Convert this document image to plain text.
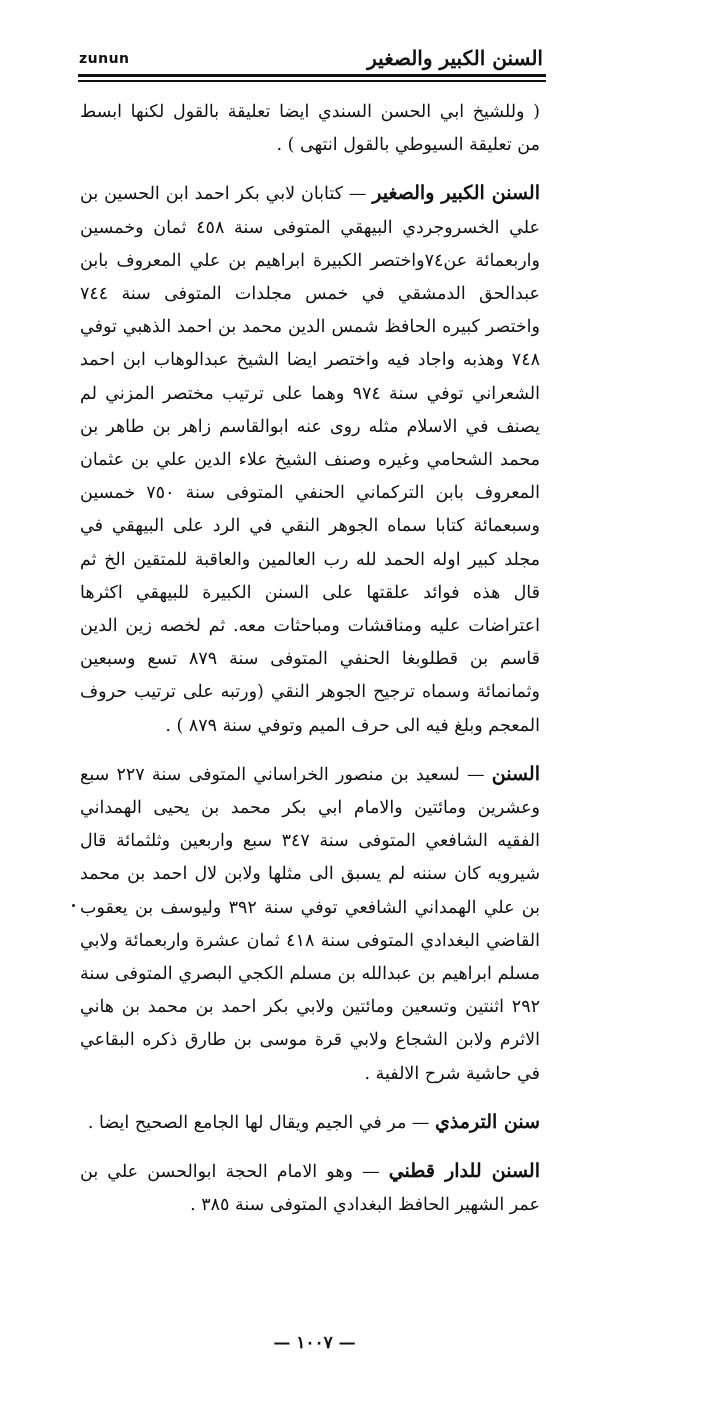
السنن الكبير والصغير
zunun

( وللشيخ ابي الحسن السندي ايضا تعليقة بالقول لكنها ابسط من تعليقة السيوطي بالقول انتهى ) .

السنن الكبير والصغير — كتابان لابي بكر احمد ابن الحسين بن علي الخسروجردي البيهقي المتوفى سنة ٤٥٨ ثمان وخمسين واربعمائة عن٧٤واختصر الكبيرة ابراهيم بن علي المعروف بابن عبدالحق الدمشقي في خمس مجلدات المتوفى سنة ٧٤٤ واختصر كبيره الحافظ شمس الدين محمد بن احمد الذهبي توفي ٧٤٨ وهذبه واجاد فيه واختصر ايضا الشيخ عبدالوهاب ابن احمد الشعراني توفي سنة ٩٧٤ وهما على ترتيب مختصر المزني لم يصنف في الاسلام مثله روى عنه ابوالقاسم زاهر بن طاهر بن محمد الشحامي وغيره وصنف الشيخ علاء الدين علي بن عثمان المعروف بابن التركماني الحنفي المتوفى سنة ٧٥٠ خمسين وسبعمائة كتابا سماه الجوهر النقي في الرد على البيهقي في مجلد كبير اوله الحمد لله رب العالمين والعاقبة للمتقين الخ ثم قال هذه فوائد علقتها على السنن الكبيرة للبيهقي اكثرها اعتراضات عليه ومناقشات ومباحثات معه. ثم لخصه زين الدين قاسم بن قطلوبغا الحنفي المتوفى سنة ٨٧٩ تسع وسبعين وثمانمائة وسماه ترجيح الجوهر النقي (ورتبه على ترتيب حروف المعجم وبلغ فيه الى حرف الميم وتوفي سنة ٨٧٩ ) .

السنن — لسعيد بن منصور الخراساني المتوفى سنة ٢٢٧ سبع وعشرين ومائتين والامام ابي بكر محمد بن يحيى الهمداني الفقيه الشافعي المتوفى سنة ٣٤٧ سبع واربعين وثلثمائة قال شيرويه كان سننه لم يسبق الى مثلها ولابن لال احمد بن محمد بن علي الهمداني الشافعي توفي سنة ٣٩٢ وليوسف بن يعقوب القاضي البغدادي المتوفى سنة ٤١٨ ثمان عشرة واربعمائة ولابي مسلم ابراهيم بن عبدالله بن مسلم الكجي البصري المتوفى سنة ٢٩٢ اثنتين وتسعين ومائتين ولابي بكر احمد بن محمد بن هاني الاثرم ولابن الشجاع ولابي قرة موسى بن طارق ذكره البقاعي في حاشية شرح الالفية .

سنن الترمذي — مر في الجيم ويقال لها الجامع الصحيح ايضا .

السنن للدار قطني — وهو الامام الحجة ابوالحسن علي بن عمر الشهير الحافظ البغدادي المتوفى سنة ٣٨٥ .

— ١٠٠٧ —
